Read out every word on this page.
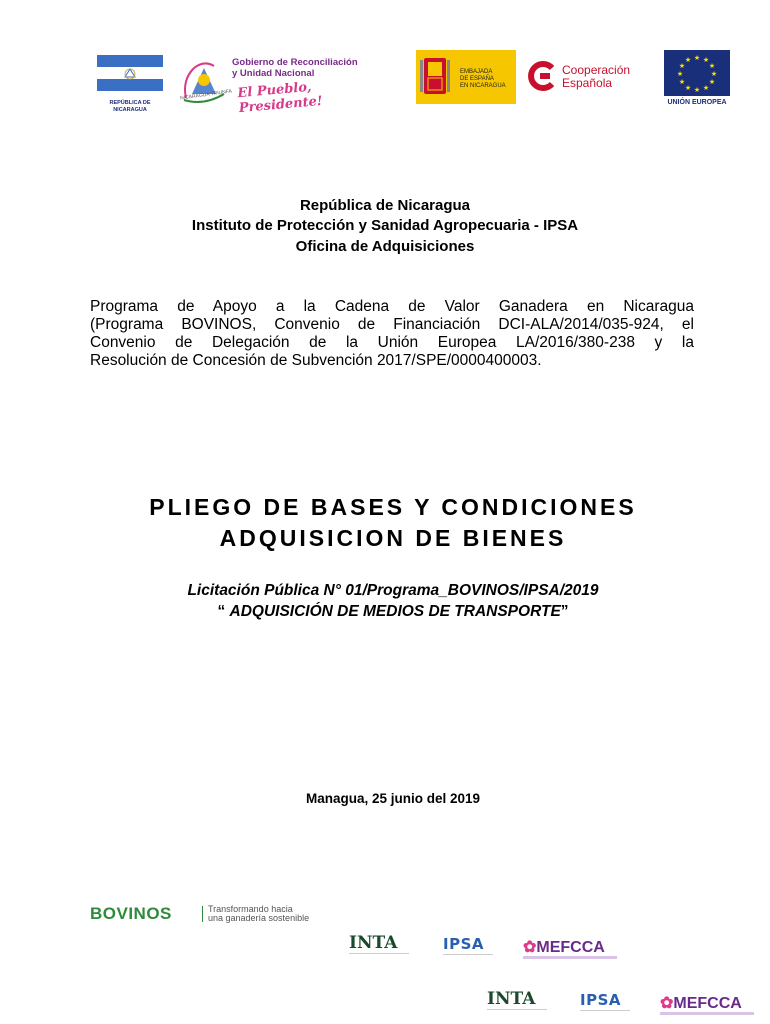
REPÚBLICA DE NICARAGUA
NICARAGUA TRIUNFA
Gobierno de Reconciliación
y Unidad Nacional
El Pueblo, Presidente!
EMBAJADA
DE ESPAÑA
EN NICARAGUA
Cooperación
Española
★ ★
★
★
★
★
★
★
★
★
★
★
UNIÓN EUROPEA
República de Nicaragua
Instituto de Protección y Sanidad Agropecuaria - IPSA
Oficina de Adquisiciones
Programa de Apoyo a la Cadena de Valor Ganadera en Nicaragua
(Programa BOVINOS, Convenio de Financiación DCI-ALA/2014/035-924, el
Convenio de Delegación de la Unión Europea LA/2016/380-238 y la
Resolución de Concesión de Subvención 2017/SPE/0000400003.
PLIEGO DE BASES Y CONDICIONES
ADQUISICION DE BIENES
Licitación Pública N° 01/Programa_BOVINOS/IPSA/2019
“ ADQUISICIÓN DE MEDIOS DE TRANSPORTE”
Managua, 25 junio del 2019
BOVINOS	Transformando hacia
una ganadería sostenible
INTA	IPSA ✿MEFCCA
INTA	IPSA ✿MEFCCA
